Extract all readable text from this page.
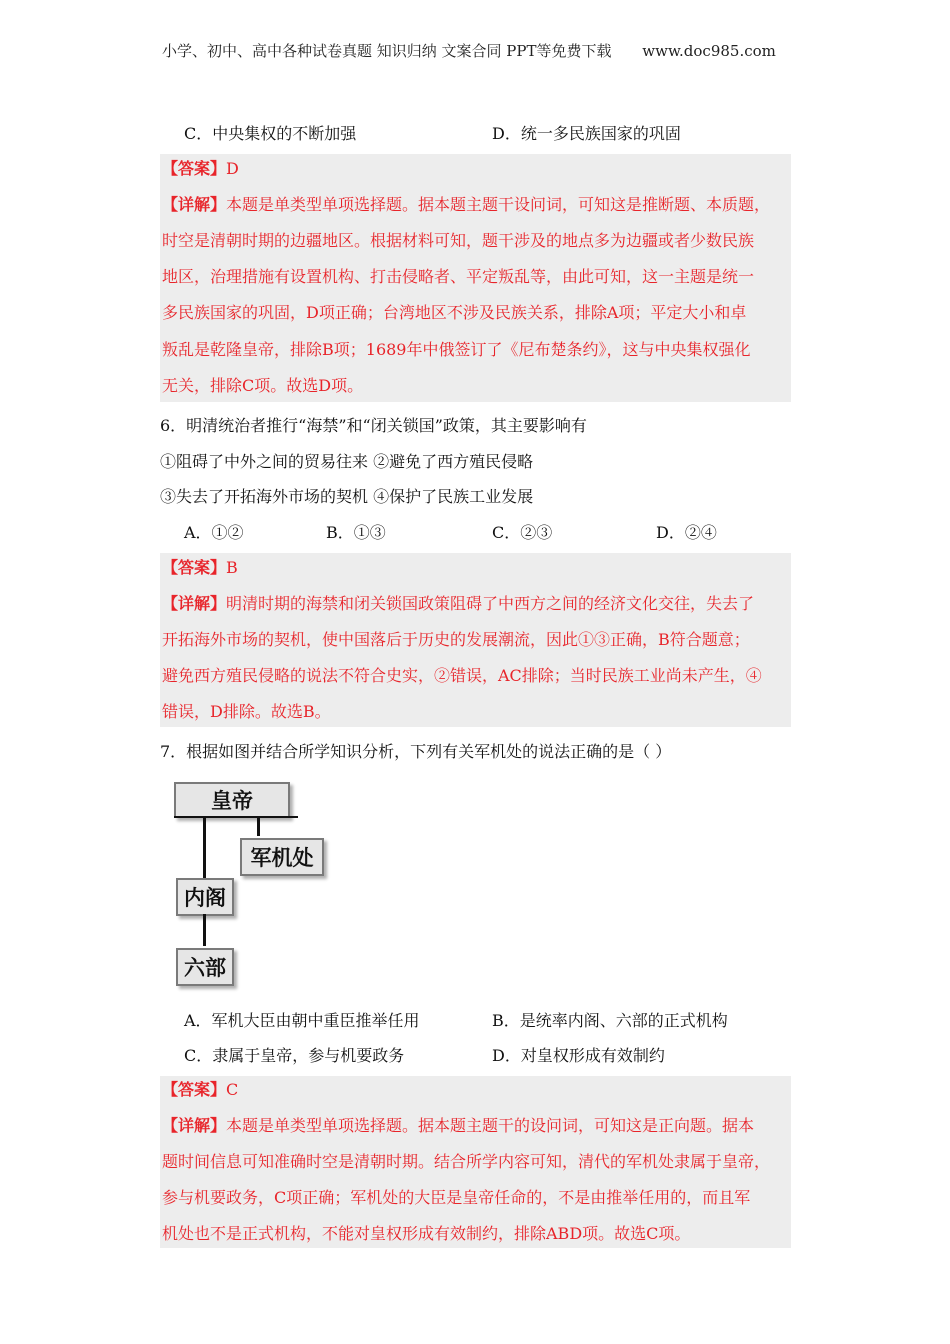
小学、初中、高中各种试卷真题 知识归纳 文案合同 PPT等免费下载 www.doc985.com
C．中央集权的不断加强	D．统一多民族国家的巩固
【答案】D
【详解】本题是单类型单项选择题。据本题主题干设问词，可知这是推断题、本质题，
时空是清朝时期的边疆地区。根据材料可知，题干涉及的地点多为边疆或者少数民族
地区，治理措施有设置机构、打击侵略者、平定叛乱等，由此可知，这一主题是统一
多民族国家的巩固，D项正确；台湾地区不涉及民族关系，排除A项；平定大小和卓
叛乱是乾隆皇帝，排除B项；1689年中俄签订了《尼布楚条约》，这与中央集权强化
无关，排除C项。故选D项。
6．明清统治者推行“海禁”和“闭关锁国”政策，其主要影响有
①阻碍了中外之间的贸易往来 ②避免了西方殖民侵略
③失去了开拓海外市场的契机 ④保护了民族工业发展
A．①②	B．①③	C．②③	D．②④
【答案】B
【详解】明清时期的海禁和闭关锁国政策阻碍了中西方之间的经济文化交往，失去了
开拓海外市场的契机，使中国落后于历史的发展潮流，因此①③正确，B符合题意；
避免西方殖民侵略的说法不符合史实，②错误，AC排除；当时民族工业尚未产生，④
错误，D排除。故选B。
7．根据如图并结合所学知识分析，下列有关军机处的说法正确的是（ ）
皇帝
军机处
内阁
六部
A．军机大臣由朝中重臣推举任用	B．是统率内阁、六部的正式机构
C．隶属于皇帝，参与机要政务	D．对皇权形成有效制约
【答案】C
【详解】本题是单类型单项选择题。据本题主题干的设问词，可知这是正向题。据本
题时间信息可知准确时空是清朝时期。结合所学内容可知，清代的军机处隶属于皇帝，
参与机要政务，C项正确；军机处的大臣是皇帝任命的，不是由推举任用的，而且军
机处也不是正式机构，不能对皇权形成有效制约，排除ABD项。故选C项。
